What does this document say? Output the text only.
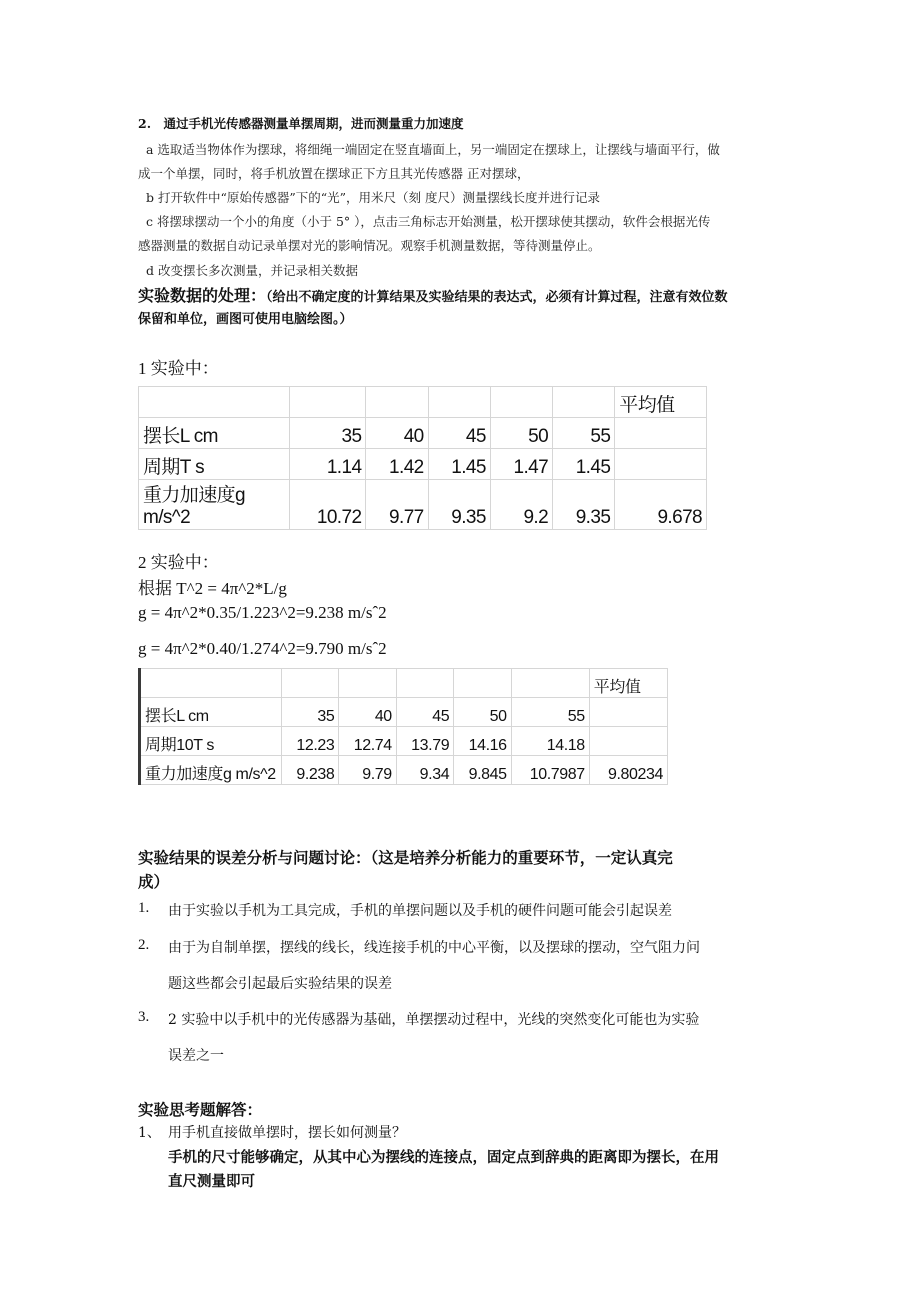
2.　通过手机光传感器测量单摆周期，进而测量重力加速度
a 选取适当物体作为摆球，将细绳一端固定在竖直墙面上，另一端固定在摆球上，让摆线与墙面平行，做
成一个单摆，同时，将手机放置在摆球正下方且其光传感器 正对摆球，
b 打开软件中“原始传感器”下的“光”，用米尺（刻 度尺）测量摆线长度并进行记录
c 将摆球摆动一个小的角度（小于 5° ），点击三角标志开始测量，松开摆球使其摆动，软件会根据光传
感器测量的数据自动记录单摆对光的影响情况。观察手机测量数据，等待测量停止。
d 改变摆长多次测量，并记录相关数据
实验数据的处理：（给出不确定度的计算结果及实验结果的表达式，必须有计算过程，注意有效位数
保留和单位，画图可使用电脑绘图。）
1 实验中：
						平均值
摆长L cm	35	40	45	50	55	
周期T s	1.14	1.42	1.45	1.47	1.45	
重力加速度g m/s^2	10.72	9.77	9.35	9.2	9.35	9.678
2 实验中：
根据 T^2 = 4π^2*L/g
g = 4π^2*0.35/1.223^2=9.238 m/sˆ2
g = 4π^2*0.40/1.274^2=9.790 m/sˆ2
						平均值
摆长L cm	35	40	45	50	55	
周期10T s	12.23	12.74	13.79	14.16	14.18	
重力加速度g m/s^2	9.238	9.79	9.34	9.845	10.7987	9.80234
实验结果的误差分析与问题讨论：（这是培养分析能力的重要环节，一定认真完
成）
1. 由于实验以手机为工具完成，手机的单摆问题以及手机的硬件问题可能会引起误差
2. 由于为自制单摆，摆线的线长，线连接手机的中心平衡，以及摆球的摆动，空气阻力问
题这些都会引起最后实验结果的误差
3. 2 实验中以手机中的光传感器为基础，单摆摆动过程中，光线的突然变化可能也为实验
误差之一
实验思考题解答：
1、 用手机直接做单摆时，摆长如何测量？
手机的尺寸能够确定，从其中心为摆线的连接点，固定点到辞典的距离即为摆长，在用
直尺测量即可
